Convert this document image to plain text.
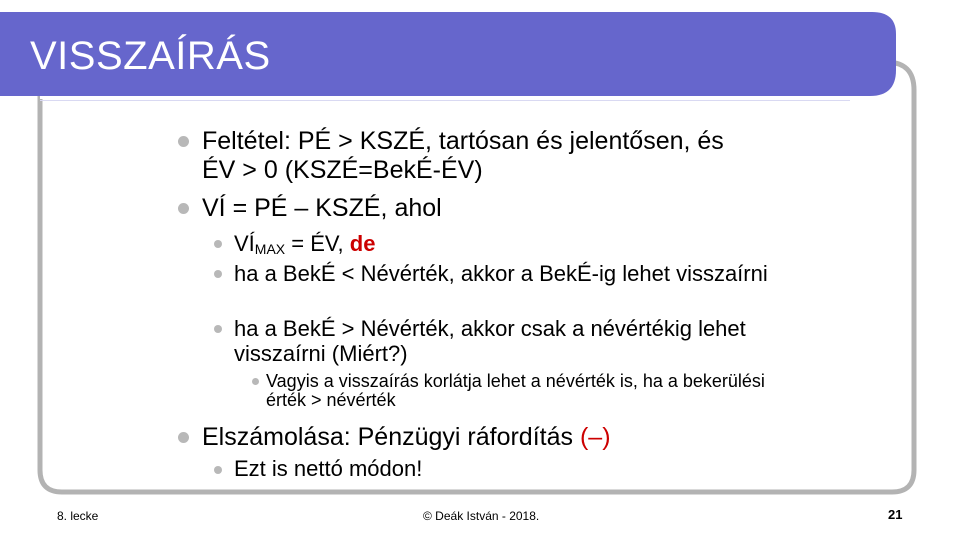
VISSZAÍRÁS
Feltétel: PÉ > KSZÉ, tartósan és jelentősen, és ÉV > 0 (KSZÉ=BekÉ-ÉV)
VÍ = PÉ – KSZÉ, ahol
$VÍ_{MAX}$ = ÉV, de
ha a BekÉ < Névérték, akkor a BekÉ-ig lehet visszaírni
ha a BekÉ > Névérték, akkor csak a névértékig lehet visszaírni (Miért?)
Vagyis a visszaírás korlátja lehet a névérték is, ha a bekerülési érték > névérték
Elszámolása: Pénzügyi ráfordítás (–)
Ezt is nettó módon!
8. lecke	© Deák István - 2018.	21
